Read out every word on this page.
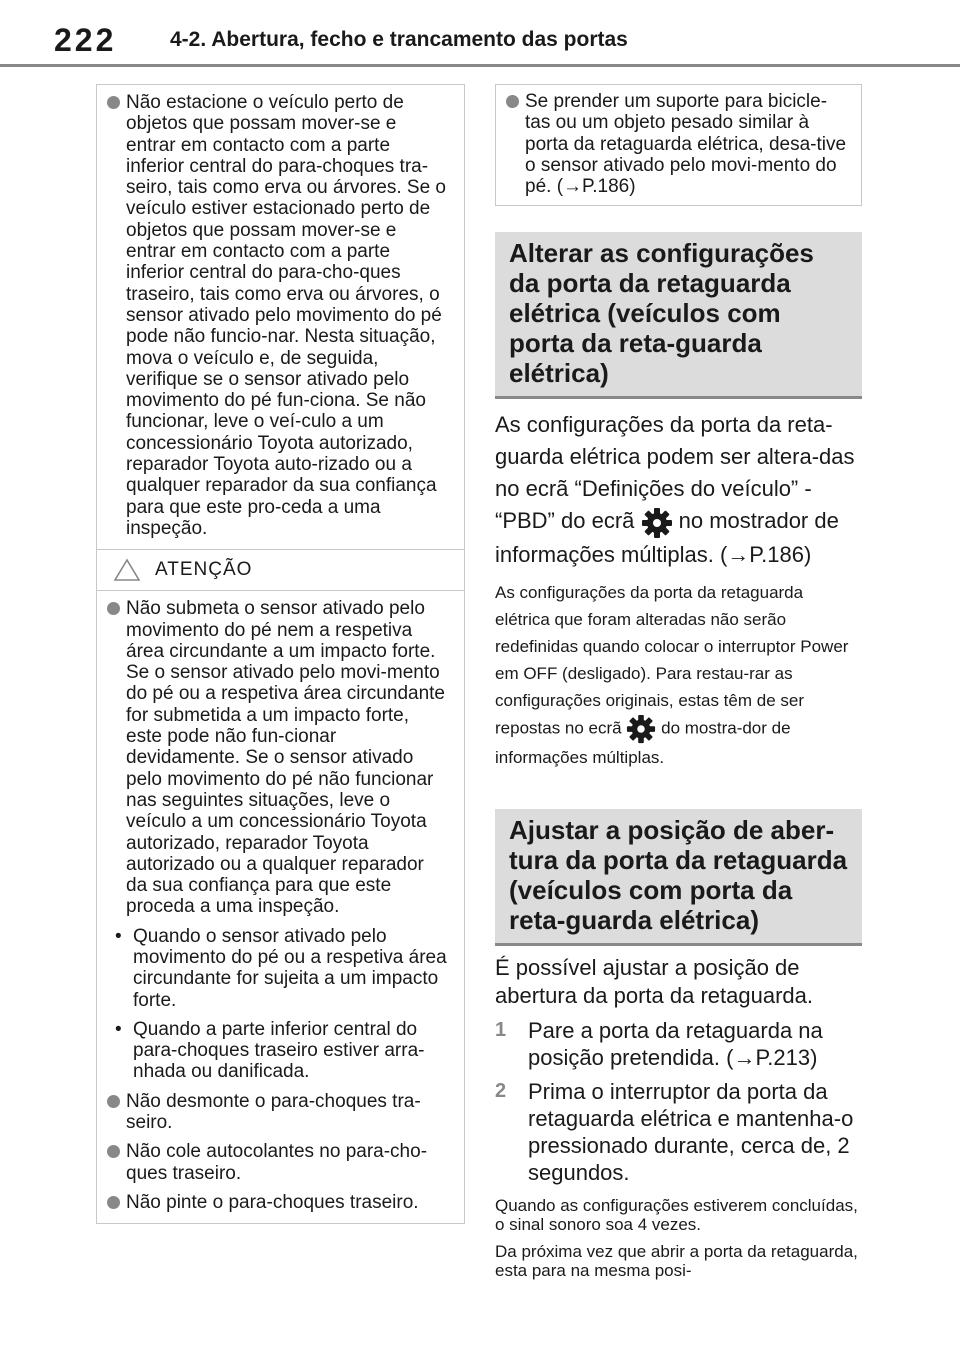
222	4-2. Abertura, fecho e trancamento das portas
Não estacione o veículo perto de objetos que possam mover-se e entrar em contacto com a parte inferior central do para-choques tra-seiro, tais como erva ou árvores. Se o veículo estiver estacionado perto de objetos que possam mover-se e entrar em contacto com a parte inferior central do para-cho-ques traseiro, tais como erva ou árvores, o sensor ativado pelo movimento do pé pode não funcio-nar. Nesta situação, mova o veículo e, de seguida, verifique se o sensor ativado pelo movimento do pé fun-ciona. Se não funcionar, leve o veí-culo a um concessionário Toyota autorizado, reparador Toyota auto-rizado ou a qualquer reparador da sua confiança para que este pro-ceda a uma inspeção.
ATENÇÃO
Não submeta o sensor ativado pelo movimento do pé nem a respetiva área circundante a um impacto forte. Se o sensor ativado pelo movi-mento do pé ou a respetiva área circundante for submetida a um impacto forte, este pode não fun-cionar devidamente. Se o sensor ativado pelo movimento do pé não funcionar nas seguintes situações, leve o veículo a um concessionário Toyota autorizado, reparador Toyota autorizado ou a qualquer reparador da sua confiança para que este proceda a uma inspeção.
• Quando o sensor ativado pelo movimento do pé ou a respetiva área circundante for sujeita a um impacto forte.
• Quando a parte inferior central do para-choques traseiro estiver arra-nhada ou danificada.
Não desmonte o para-choques tra-seiro.
Não cole autocolantes no para-cho-ques traseiro.
Não pinte o para-choques traseiro.
Se prender um suporte para bicicle-tas ou um objeto pesado similar à porta da retaguarda elétrica, desa-tive o sensor ativado pelo movi-mento do pé. (→P.186)
Alterar as configurações da porta da retaguarda elétrica (veículos com porta da reta-guarda elétrica)
As configurações da porta da reta-guarda elétrica podem ser altera-das no ecrã “Definições do veículo” - “PBD” do ecrã no mostrador de informações múltiplas. (→P.186)
As configurações da porta da retaguarda elétrica que foram alteradas não serão redefinidas quando colocar o interruptor Power em OFF (desligado). Para restau-rar as configurações originais, estas têm de ser repostas no ecrã do mostra-dor de informações múltiplas.
Ajustar a posição de aber-tura da porta da retaguarda (veículos com porta da reta-guarda elétrica)
É possível ajustar a posição de abertura da porta da retaguarda.
1 Pare a porta da retaguarda na posição pretendida. (→P.213)
2 Prima o interruptor da porta da retaguarda elétrica e mantenha-o pressionado durante, cerca de, 2 segundos.
Quando as configurações estiverem concluídas, o sinal sonoro soa 4 vezes.
Da próxima vez que abrir a porta da retaguarda, esta para na mesma posi-
